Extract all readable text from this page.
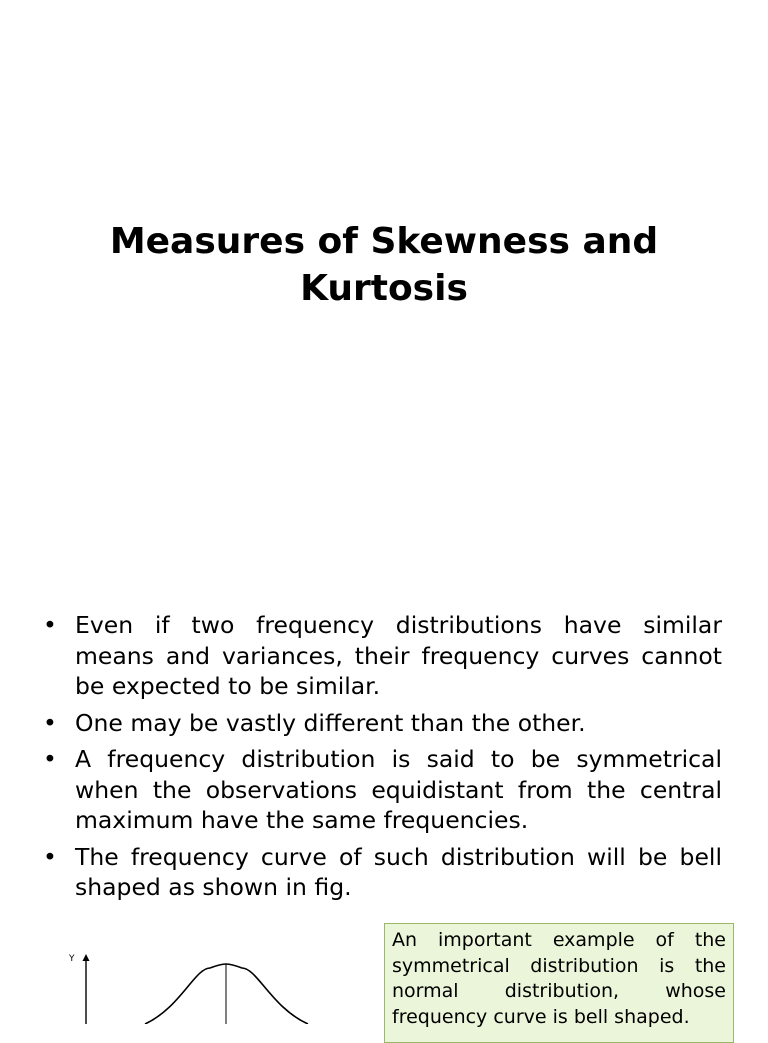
Measures of Skewness and Kurtosis
• Even if two frequency distributions have similar means and variances, their frequency curves cannot be expected to be similar.
• One may be vastly different than the other.
• A frequency distribution is said to be symmetrical when the observations equidistant from the central maximum have the same frequencies.
• The frequency curve of such distribution will be bell shaped as shown in fig.
Y
An important example of the symmetrical distribution is the normal distribution, whose frequency curve is bell shaped.
